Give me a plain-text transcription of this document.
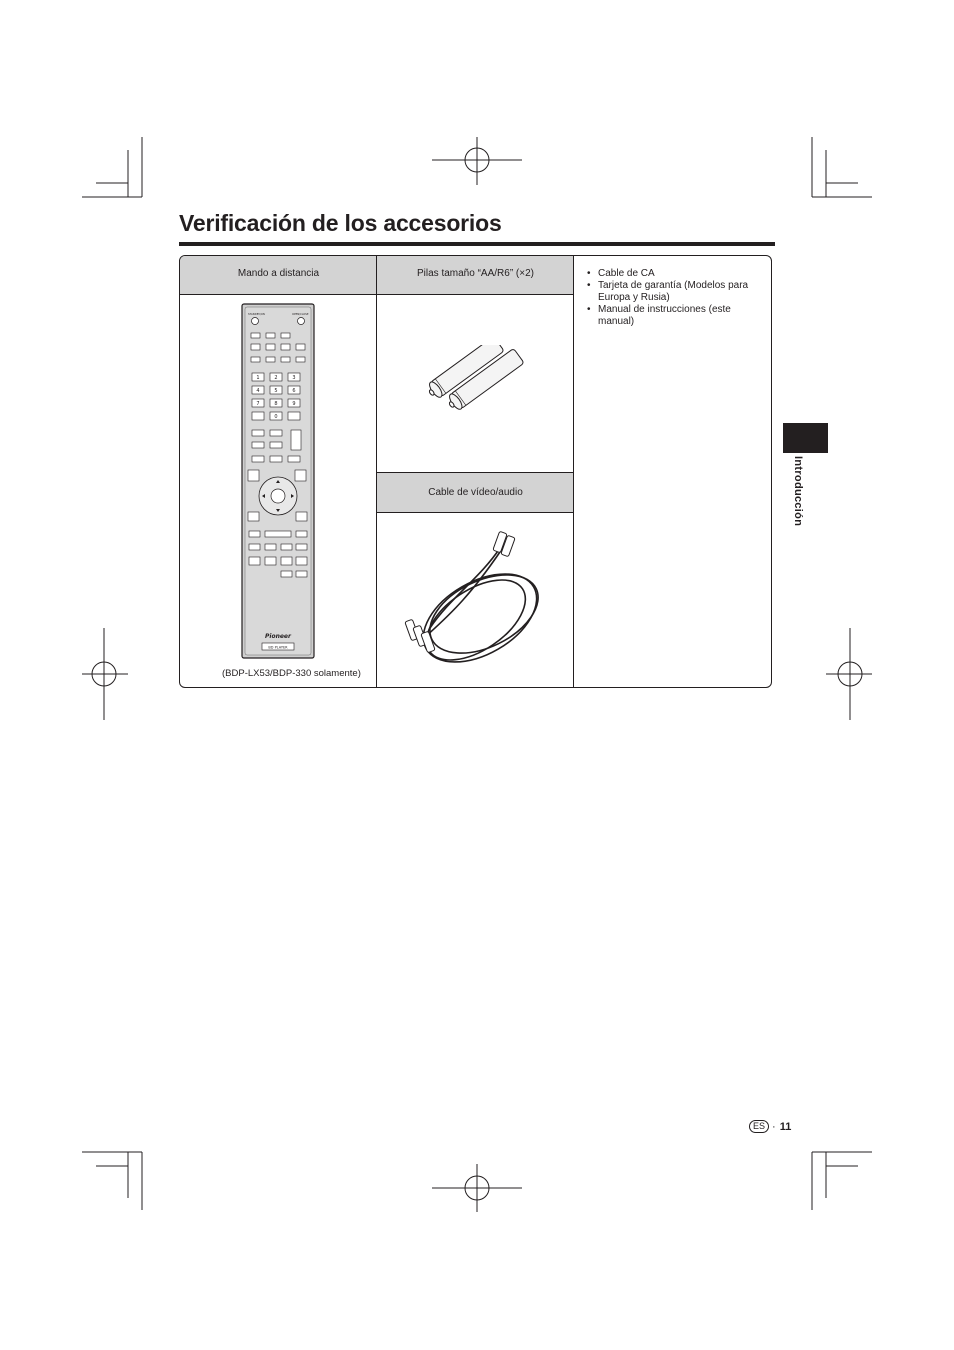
Verificación de los accesorios
Mando a distancia	Pilas tamaño “AA/R6” (×2)
Cable de vídeo/audio
STANDBY/ON	OPEN/CLOSE
1	2	3
4	5	6
7	8	9
0
Pioneer
BD PLAYER
• Cable de CA
• Tarjeta de garantía (Modelos para Europa y Rusia)
• Manual de instrucciones (este manual)
(BDP-LX53/BDP-330 solamente)
Introducción
ES · 11
